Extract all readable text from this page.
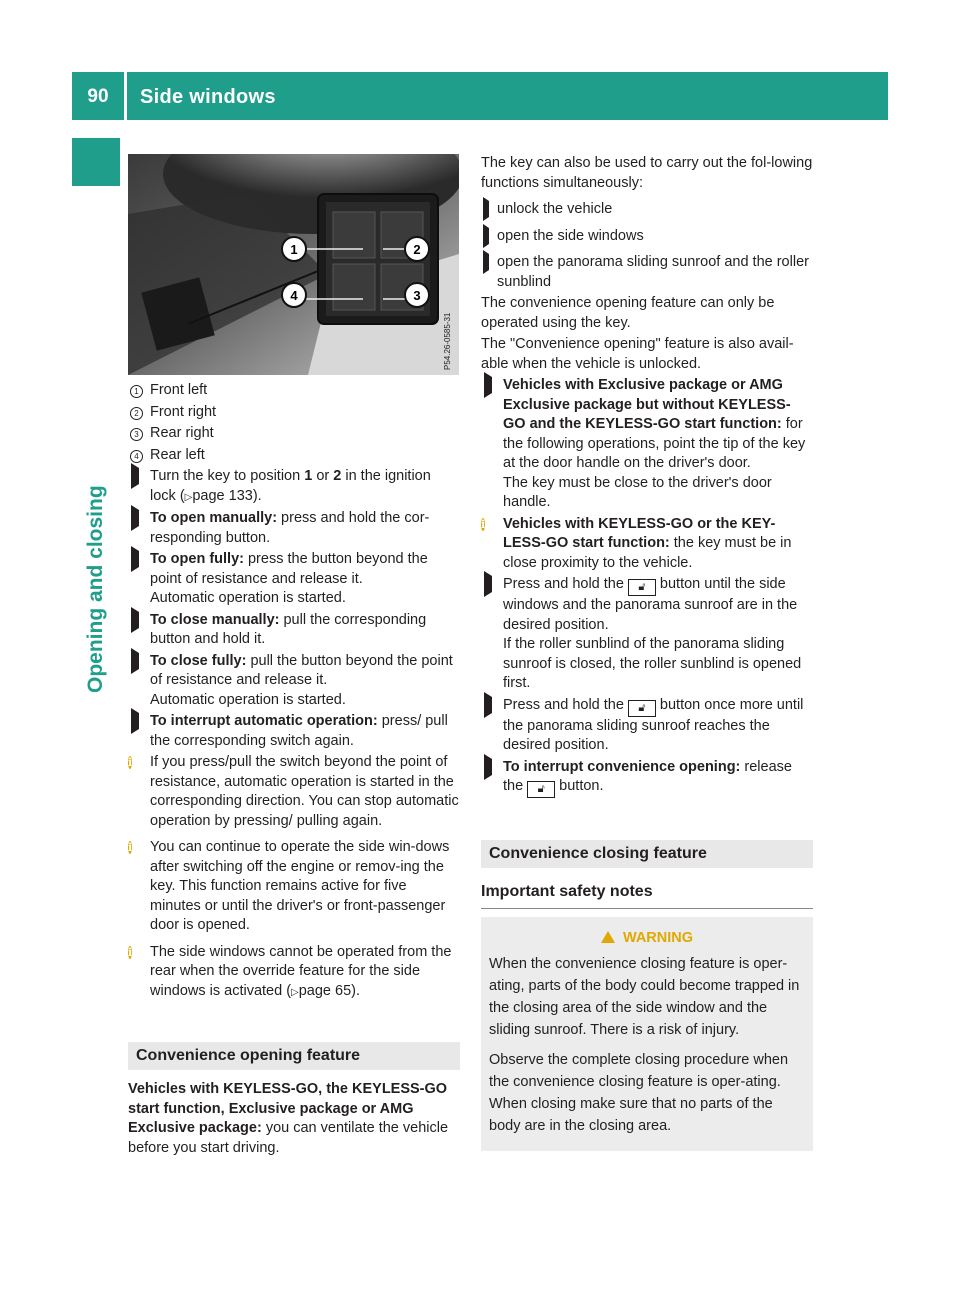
90	Side windows
Opening and closing
1	2
3
4
P54.26-0585-31
1 Front left
2 Front right
3 Rear right
4 Rear left
Turn the key to position 1 or 2 in the ignition lock (▷page 133).
To open manually: press and hold the cor-responding button.
To open fully: press the button beyond the point of resistance and release it.
Automatic operation is started.
To close manually: pull the corresponding button and hold it.
To close fully: pull the button beyond the point of resistance and release it.
Automatic operation is started.
To interrupt automatic operation: press/ pull the corresponding switch again.
i	If you press/pull the switch beyond the point of resistance, automatic operation is started in the corresponding direction. You can stop automatic operation by pressing/ pulling again.
i	You can continue to operate the side win-dows after switching off the engine or remov-ing the key. This function remains active for five minutes or until the driver's or front-passenger door is opened.
i	The side windows cannot be operated from the rear when the override feature for the side windows is activated (▷page 65).
Convenience opening feature

Vehicles with KEYLESS-GO, the KEYLESS-GO start function, Exclusive package or AMG Exclusive package: you can ventilate the vehicle before you start driving.

The key can also be used to carry out the fol-lowing functions simultaneously:

unlock the vehicle
open the side windows
open the panorama sliding sunroof and the roller sunblind

The convenience opening feature can only be operated using the key.

The "Convenience opening" feature is also avail-able when the vehicle is unlocked.

Vehicles with Exclusive package or AMG Exclusive package but without KEYLESS-GO and the KEYLESS-GO start function: for the following operations, point the tip of the key at the door handle on the driver's door.
The key must be close to the driver's door handle.
i	Vehicles with KEYLESS-GO or the KEY-LESS-GO start function: the key must be in close proximity to the vehicle.
Press and hold the 🔓︎ button until the side windows and the panorama sunroof are in the desired position.
If the roller sunblind of the panorama sliding sunroof is closed, the roller sunblind is opened first.
Press and hold the 🔓︎ button once more until the panorama sliding sunroof reaches the desired position.
To interrupt convenience opening: release the 🔓︎ button.
Convenience closing feature
Important safety notes
WARNING

When the convenience closing feature is oper-ating, parts of the body could become trapped in the closing area of the side window and the sliding sunroof. There is a risk of injury.

Observe the complete closing procedure when the convenience closing feature is oper-ating. When closing make sure that no parts of the body are in the closing area.
